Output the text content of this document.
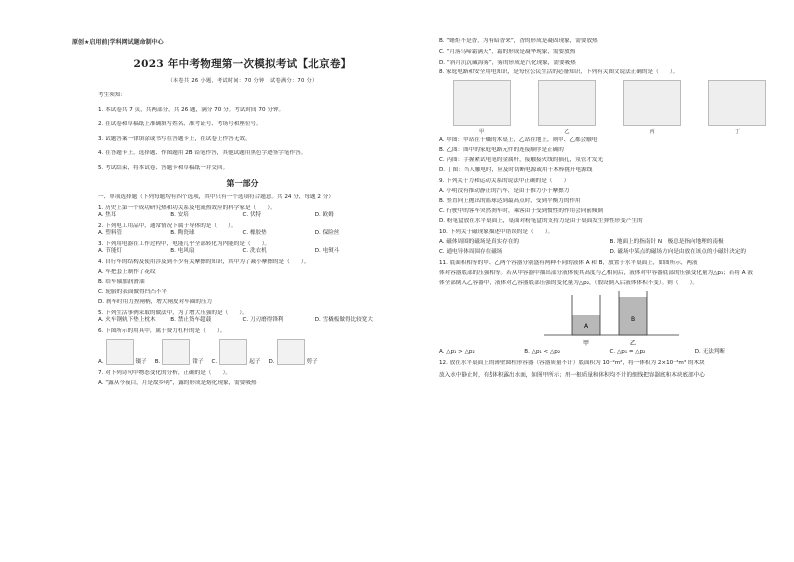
原创★启用前|学科网试题命制中心
2023 年中考物理第一次模拟考试【北京卷】
（本卷共 26 小题，考试时间：70 分钟　试卷满分：70 分）

考生须知：

1. 本试卷共 7 页，共两部分，共 26 题，满分 70 分。考试时间 70 分钟。

2. 在试卷和草稿纸上准确填写姓名、准考证号、考场号和座位号。

3. 试题答案一律填涂或书写在答题卡上，在试卷上作答无效。

4. 在答题卡上，选择题、作图题用 2B 铅笔作答，其他试题用黑色字迹签字笔作答。

5. 考试结束，将本试卷、答题卡和草稿纸一并交回。

第一部分

一、单项选择题（下列每题均有四个选项，其中只有一个选项符合题意。共 24 分，每题 2 分）

1. 历史上第一个成功研究热和功关系及电流热效应的科学家是（　　）。

A. 焦耳	B. 安培	C. 伏特	D. 欧姆

2. 下列电工用品中，通常情况下属于导体的是（　　）。

A. 塑料管	B. 陶瓷球	C. 橡胶垫	D. 保险丝

3. 下列用电器在工作过程中，电能几乎全部转化为内能的是（　　）。

A. 节能灯	B. 电风扇	C. 洗衣机	D. 电熨斗

4. 自行车的结构及使用涉及到不少有关摩擦的知识，其中为了减小摩擦的是（　　）。

A. 车把套上制作了花纹

B. 给车轴加润滑油

C. 轮胎的表面做得凹凸不平

D. 刹车时用力捏闸柄，增大闸皮对车圈的压力

5. 下列生活事例采取的做法中，为了增大压强的是（　　）。

A. 火车钢轨下垫上枕木	B. 禁止货车超载	C. 刀刃磨得锋利	D. 雪橇板做得比较宽大

6. 下图所示的用具中，属于费力杠杆的是（　　）。

A.	镊子 B.	钳子 C.	起子 D.	剪子

7. 对下列诗句中物态变化的分析，正确的是（　　）。

A. “露从今夜白，月是故乡明”，露的形成是熔化现象，需要吸热

B. “蜡炬不是香，为有暗香来”，香的形成是凝固现象，需要放热

C. “月落乌啼霜满天”，霜的形成是凝华现象，需要放热

D. “斜月沉沉藏海雾”，雾的形成是汽化现象，需要吸热

8. 家庭电路和安全用电知识，是每位公民生活的必备知识，下列有关图文说法正确的是（　　）。

甲	乙	丙	丁

A. 甲图：甲站在干燥的木桌上，乙站在地上，则甲、乙都会触电

B. 乙图：图中的家庭电路元件的连接顺序是正确的

C. 丙图：手握紧试电笔的金属杆，接触接火线的插孔，氖管才发光

D. 丁图：当人触电时，应及时切断电源或用干木棒挑开电源线

9. 下列关于力和运动关系的说法中正确的是（　　）

A. 小明没有推动静止的汽车，是由于推力小于摩擦力

B. 竖直向上抛出的篮球达到最高点时，受到平衡力的作用

C. 行驶中的客车突然刹车时，乘客由于受到惯性的作用会向前倾倒

D. 粉笔盒放在水平桌面上，桌面对粉笔盒的支持力是由于桌面发生弹性形变产生的

10. 下列关于磁现象描述中错误的是（　　）。

A. 磁体周围的磁场是真实存在的	B. 地面上的指南针 N　极总是指向地理的南极
C. 通电导体周围存在磁场	D. 磁场中某点的磁场方向是由放在该点的小磁针决定的

11. 底面积相等的甲、乙两个容器分别盛有两种不同的液体 A 和 B，放置于水平桌面上，如图所示，两液

体对容器底部的压强相等。若从甲容器中抽出部分液体使其高度与乙相同后，液体对甲容器底部的压强变化量为△p₁；若将 A 液

体全部倒入乙容器中，液体对乙容器底部压强的变化量为△p₂，（假设倒入后液体体积不变）。则（　　）。

A
B
甲	乙
A. △p₁ > △p₂	B. △p₁ < △p₂	C. △p₁ = △p₂	D. 无法判断

12. 放在水平桌面上的薄壁圆柱形容器（容器质量不计）底面积为 10⁻²m²，将一体积为 2×10⁻⁴m³ 的木块

放入水中静止时，有1
5体积露出水面，如图甲所示；用一根质量和体积均不计的细线把容器底和木块底部中心
